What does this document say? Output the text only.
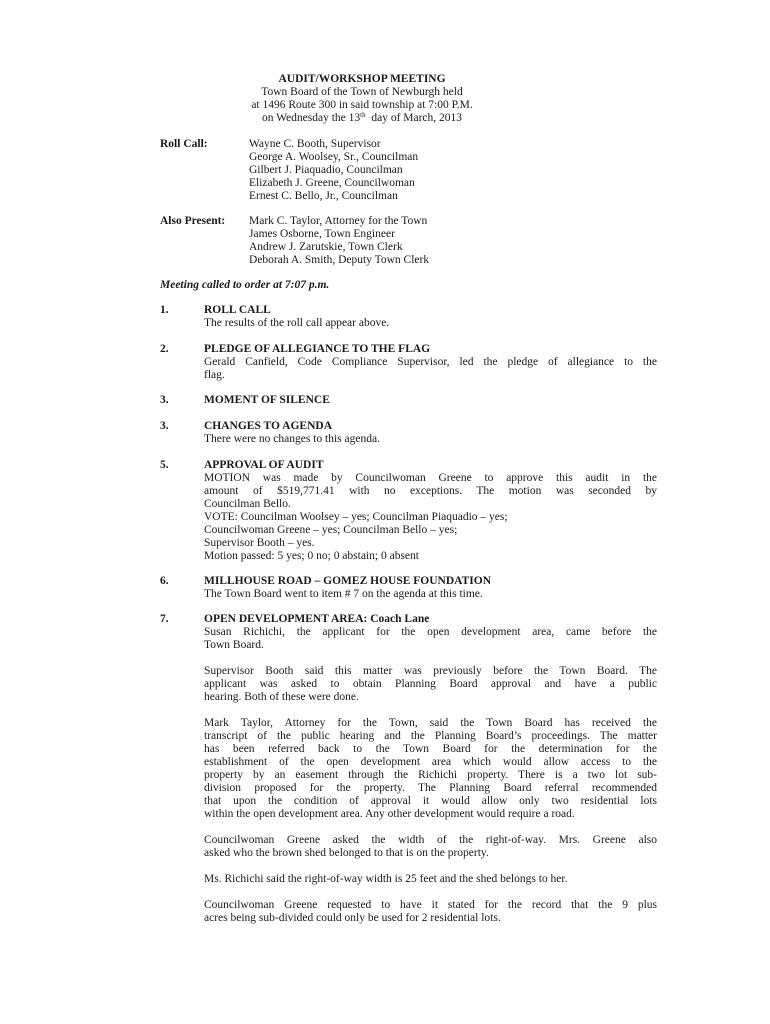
AUDIT/WORKSHOP MEETING
Town Board of the Town of Newburgh held
at 1496 Route 300 in said township at 7:00 P.M.
on Wednesday the 13th  day of March, 2013
Roll Call:	Wayne C. Booth, Supervisor
George A. Woolsey, Sr., Councilman
Gilbert J. Piaquadio, Councilman
Elizabeth J. Greene, Councilwoman
Ernest C. Bello, Jr., Councilman
Also Present: Mark C. Taylor, Attorney for the Town
James Osborne, Town Engineer
Andrew J. Zarutskie, Town Clerk
Deborah A. Smith, Deputy Town Clerk
Meeting called to order at 7:07 p.m.
1.	ROLL CALL
The results of the roll call appear above.
2.	PLEDGE OF ALLEGIANCE TO THE FLAG
Gerald Canfield, Code Compliance Supervisor, led the pledge of allegiance to the
flag.
3.	MOMENT OF SILENCE
3.	CHANGES TO AGENDA
There were no changes to this agenda.
5.	APPROVAL OF AUDIT
MOTION was made by Councilwoman Greene to approve this audit in the
amount of $519,771.41 with no exceptions. The motion was seconded by
Councilman Bello.
VOTE: Councilman Woolsey – yes; Councilman Piaquadio – yes;
Councilwoman Greene – yes; Councilman Bello – yes;
Supervisor Booth – yes.
Motion passed: 5 yes; 0 no; 0 abstain; 0 absent
6.	MILLHOUSE ROAD – GOMEZ HOUSE FOUNDATION
The Town Board went to item # 7 on the agenda at this time.
7.	OPEN DEVELOPMENT AREA: Coach Lane
Susan Richichi, the applicant for the open development area, came before the
Town Board.
Supervisor Booth said this matter was previously before the Town Board. The
applicant was asked to obtain Planning Board approval and have a public
hearing. Both of these were done.
Mark Taylor, Attorney for the Town, said the Town Board has received the
transcript of the public hearing and the Planning Board’s proceedings. The matter
has been referred back to the Town Board for the determination for the
establishment of the open development area which would allow access to the
property by an easement through the Richichi property. There is a two lot sub-
division proposed for the property. The Planning Board referral recommended
that upon the condition of approval it would allow only two residential lots
within the open development area. Any other development would require a road.
Councilwoman Greene asked the width of the right-of-way. Mrs. Greene also
asked who the brown shed belonged to that is on the property.
Ms. Richichi said the right-of-way width is 25 feet and the shed belongs to her.
Councilwoman Greene requested to have it stated for the record that the 9 plus
acres being sub-divided could only be used for 2 residential lots.
